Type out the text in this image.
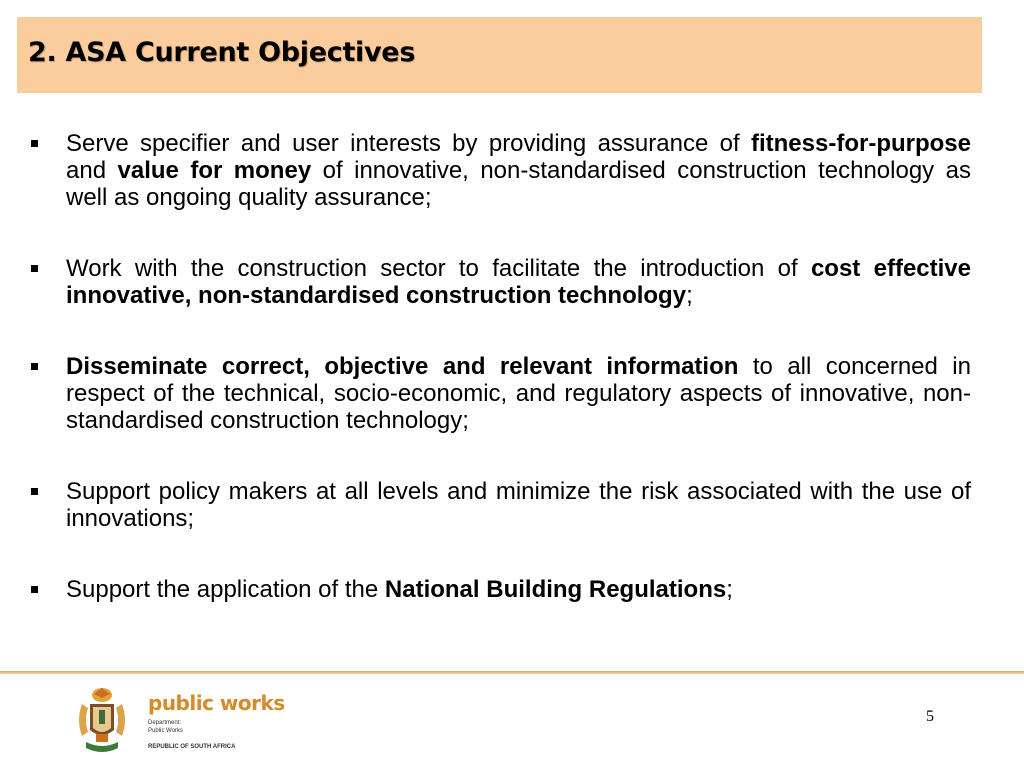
2. ASA Current Objectives
Serve specifier and user interests by providing assurance of fitness-for-purpose and value for money of innovative, non-standardised construction technology as well as ongoing quality assurance;
Work with the construction sector to facilitate the introduction of cost effective innovative, non-standardised construction technology;
Disseminate correct, objective and relevant information to all concerned in respect of the technical, socio-economic, and regulatory aspects of innovative, non-standardised construction technology;
Support policy makers at all levels and minimize the risk associated with the use of innovations;
Support the application of the National Building Regulations;
public works
Department:
Public Works
REPUBLIC OF SOUTH AFRICA
5
